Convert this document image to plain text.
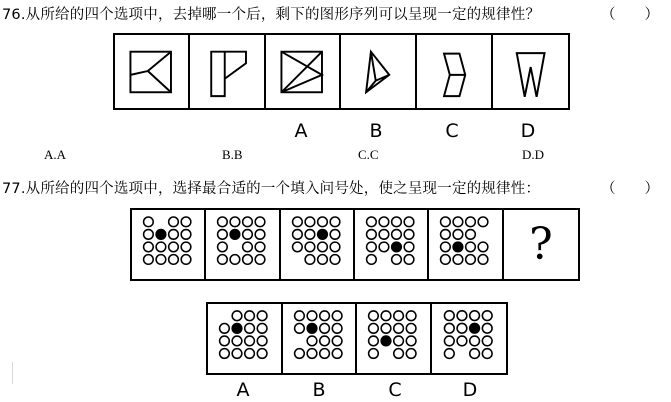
76.从所给的四个选项中，去掉哪一个后，剩下的图形序列可以呈现一定的规律性？	（　　）
A	B	C	D
A.A	B.B	C.C	D.D
77.从所给的四个选项中，选择最合适的一个填入问号处，使之呈现一定的规律性：	（　　）
?
A	B	C	D
